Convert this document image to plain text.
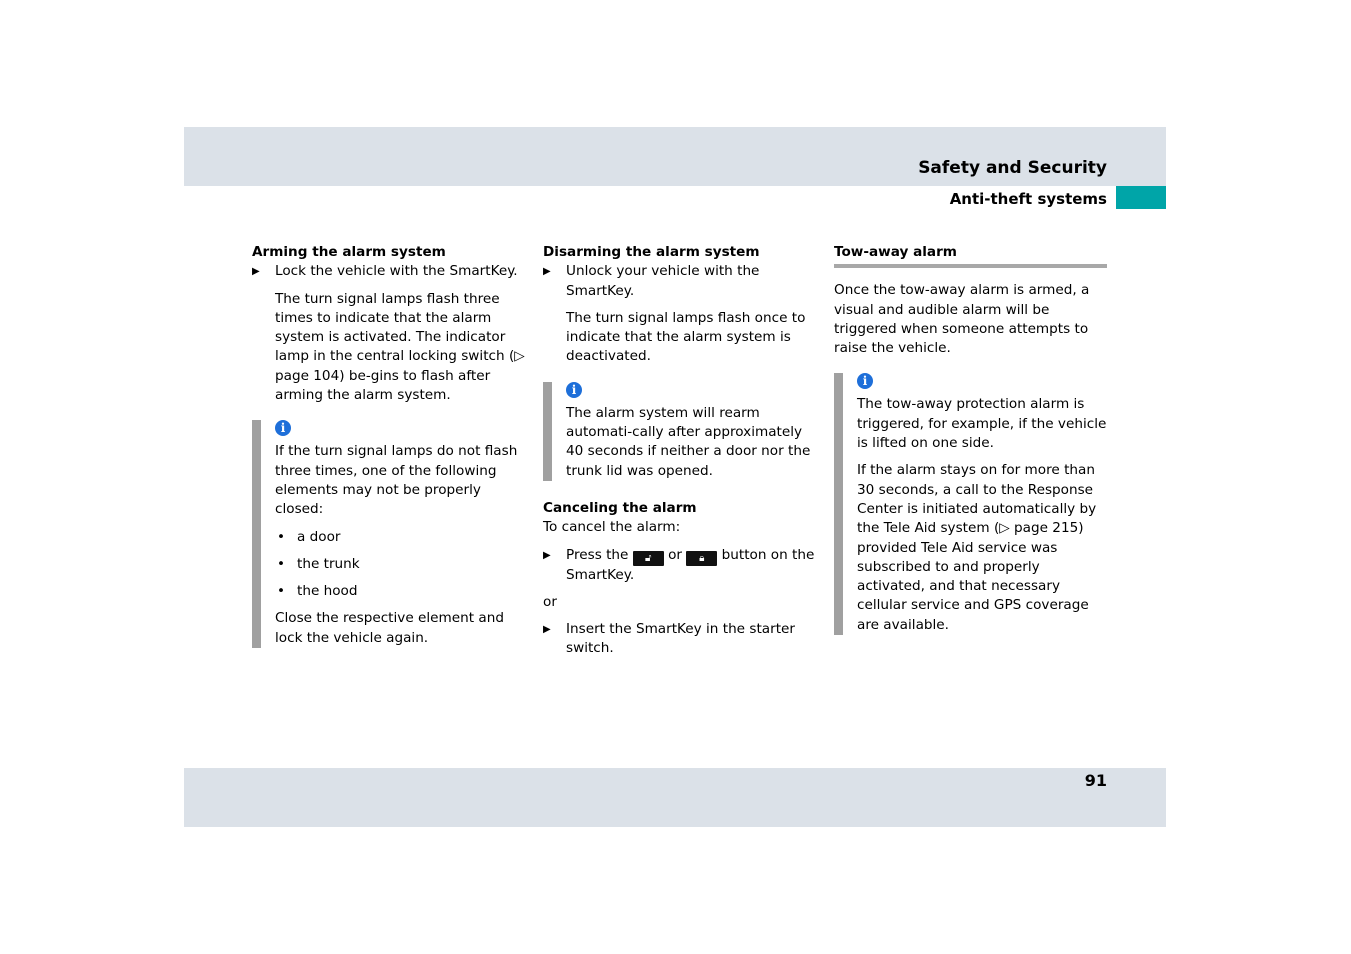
Safety and Security
Anti-theft systems

Arming the alarm system

▶ Lock the vehicle with the SmartKey.

The turn signal lamps flash three times to indicate that the alarm system is activated. The indicator lamp in the central locking switch (▷ page 104) be-gins to flash after arming the alarm system.

i

If the turn signal lamps do not flash three times, one of the following elements may not be properly closed:

• a door

• the trunk

• the hood

Close the respective element and lock the vehicle again.

Disarming the alarm system

▶ Unlock your vehicle with the SmartKey.

The turn signal lamps flash once to indicate that the alarm system is deactivated.

i

The alarm system will rearm automati-cally after approximately 40 seconds if neither a door nor the trunk lid was opened.

Canceling the alarm

To cancel the alarm:

▶ Press the 🔓︎ or 🔒︎ button on the SmartKey.

or

▶ Insert the SmartKey in the starter switch.

Tow-away alarm

Once the tow-away alarm is armed, a visual and audible alarm will be triggered when someone attempts to raise the vehicle.

i

The tow-away protection alarm is triggered, for example, if the vehicle is lifted on one side.

If the alarm stays on for more than 30 seconds, a call to the Response Center is initiated automatically by the Tele Aid system (▷ page 215) provided Tele Aid service was subscribed to and properly activated, and that necessary cellular service and GPS coverage are available.

91
